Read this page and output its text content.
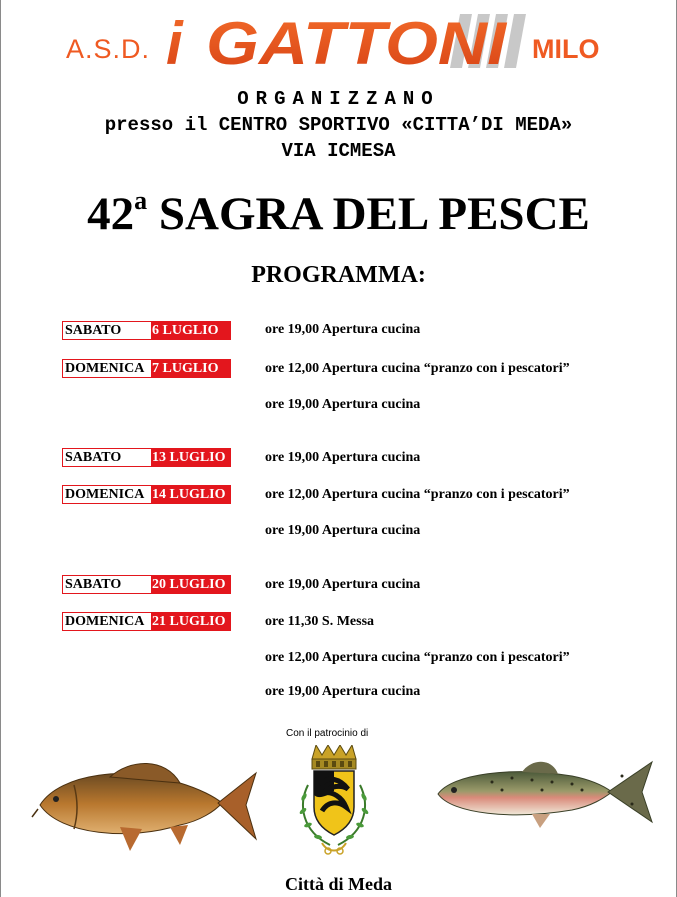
A.S.D. i GATTONI MILO
ORGANIZZANO
presso il CENTRO SPORTIVO «CITTA’DI MEDA»
VIA ICMESA
42$^a$ SAGRA DEL PESCE
PROGRAMMA:
SABATO	6 LUGLIO	ore 19,00 Apertura cucina
DOMENICA 7 LUGLIO	ore 12,00 Apertura cucina “pranzo con i pescatori”
ore 19,00 Apertura cucina
SABATO	13 LUGLIO	ore 19,00 Apertura cucina
DOMENICA 14 LUGLIO	ore 12,00 Apertura cucina “pranzo con i pescatori”
ore 19,00 Apertura cucina
SABATO	20 LUGLIO	ore 19,00 Apertura cucina
DOMENICA 21 LUGLIO	ore 11,30 S. Messa
ore 12,00 Apertura cucina “pranzo con i pescatori”
ore 19,00 Apertura cucina
Con il patrocinio di
Città di Meda
